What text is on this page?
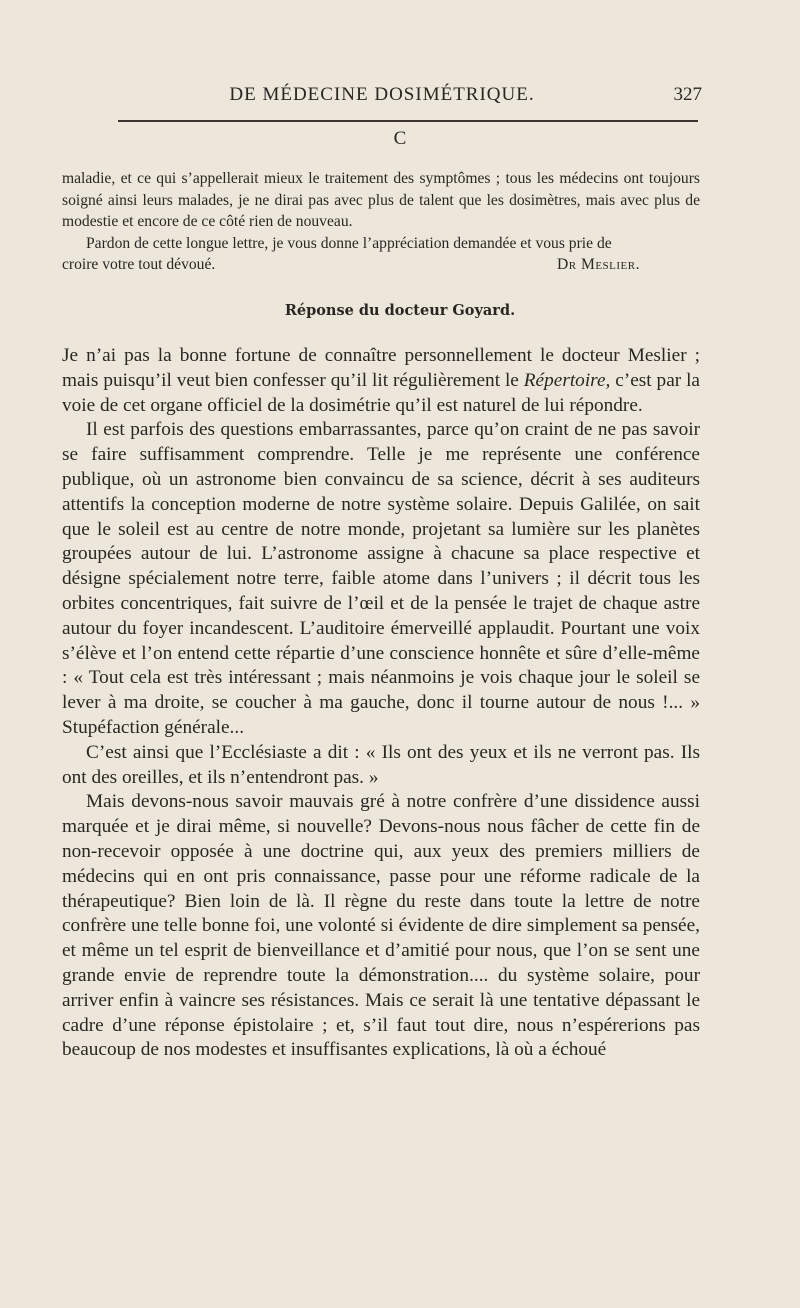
DE MÉDECINE DOSIMÉTRIQUE.	327
C

maladie, et ce qui s’appellerait mieux le traitement des symptômes ; tous les médecins ont toujours soigné ainsi leurs malades, je ne dirai pas avec plus de talent que les dosimètres, mais avec plus de modestie et encore de ce côté rien de nouveau.

Pardon de cette longue lettre, je vous donne l’appréciation demandée et vous prie de

croire votre tout dévoué.	Dr Meslier.
Réponse du docteur Goyard.

Je n’ai pas la bonne fortune de connaître personnellement le docteur Meslier ; mais puisqu’il veut bien confesser qu’il lit régulièrement le Répertoire, c’est par la voie de cet organe officiel de la dosimétrie qu’il est naturel de lui répondre.

Il est parfois des questions embarrassantes, parce qu’on craint de ne pas savoir se faire suffisamment comprendre. Telle je me représente une conférence publique, où un astronome bien convaincu de sa science, décrit à ses auditeurs attentifs la conception moderne de notre système solaire. Depuis Galilée, on sait que le soleil est au centre de notre monde, projetant sa lumière sur les planètes groupées autour de lui. L’astronome assigne à chacune sa place respective et désigne spécialement notre terre, faible atome dans l’univers ; il décrit tous les orbites concentriques, fait suivre de l’œil et de la pensée le trajet de chaque astre autour du foyer incandescent. L’auditoire émerveillé applaudit. Pourtant une voix s’élève et l’on entend cette répartie d’une conscience honnête et sûre d’elle-même : « Tout cela est très intéressant ; mais néanmoins je vois chaque jour le soleil se lever à ma droite, se coucher à ma gauche, donc il tourne autour de nous !... » Stupéfaction générale...

C’est ainsi que l’Ecclésiaste a dit : « Ils ont des yeux et ils ne verront pas. Ils ont des oreilles, et ils n’entendront pas. »

Mais devons-nous savoir mauvais gré à notre confrère d’une dissidence aussi marquée et je dirai même, si nouvelle? Devons-nous nous fâcher de cette fin de non-recevoir opposée à une doctrine qui, aux yeux des premiers milliers de médecins qui en ont pris connaissance, passe pour une réforme radicale de la thérapeutique? Bien loin de là. Il règne du reste dans toute la lettre de notre confrère une telle bonne foi, une volonté si évidente de dire simplement sa pensée, et même un tel esprit de bienveillance et d’amitié pour nous, que l’on se sent une grande envie de reprendre toute la démonstration.... du système solaire, pour arriver enfin à vaincre ses résistances. Mais ce serait là une tentative dépassant le cadre d’une réponse épistolaire ; et, s’il faut tout dire, nous n’espérerions pas beaucoup de nos modestes et insuffisantes explications, là où a échoué
